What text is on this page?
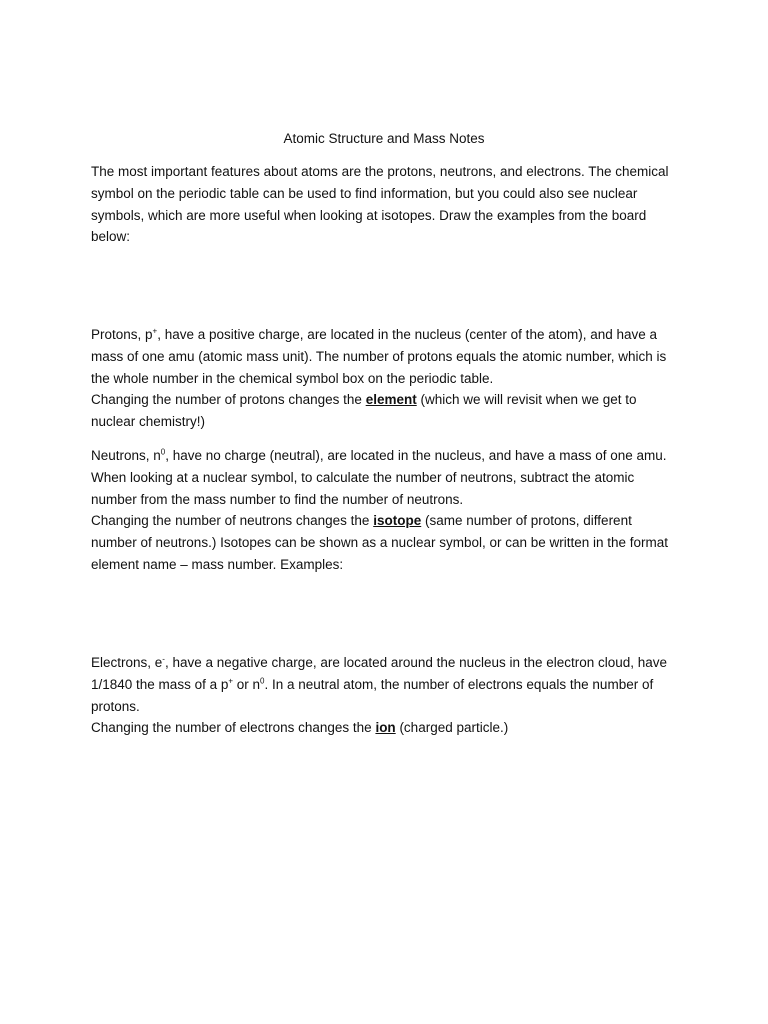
Atomic Structure and Mass Notes

The most important features about atoms are the protons, neutrons, and electrons. The chemical symbol on the periodic table can be used to find information, but you could also see nuclear symbols, which are more useful when looking at isotopes. Draw the examples from the board below:

Protons, p+, have a positive charge, are located in the nucleus (center of the atom), and have a mass of one amu (atomic mass unit). The number of protons equals the atomic number, which is the whole number in the chemical symbol box on the periodic table.

Changing the number of protons changes the element (which we will revisit when we get to nuclear chemistry!)

Neutrons, $n^0$, have no charge (neutral), are located in the nucleus, and have a mass of one amu. When looking at a nuclear symbol, to calculate the number of neutrons, subtract the atomic number from the mass number to find the number of neutrons.

Changing the number of neutrons changes the isotope (same number of protons, different number of neutrons.) Isotopes can be shown as a nuclear symbol, or can be written in the format element name – mass number. Examples:

Electrons, e-, have a negative charge, are located around the nucleus in the electron cloud, have 1/1840 the mass of a p+ or $n^0$. In a neutral atom, the number of electrons equals the number of protons.

Changing the number of electrons changes the ion (charged particle.)
